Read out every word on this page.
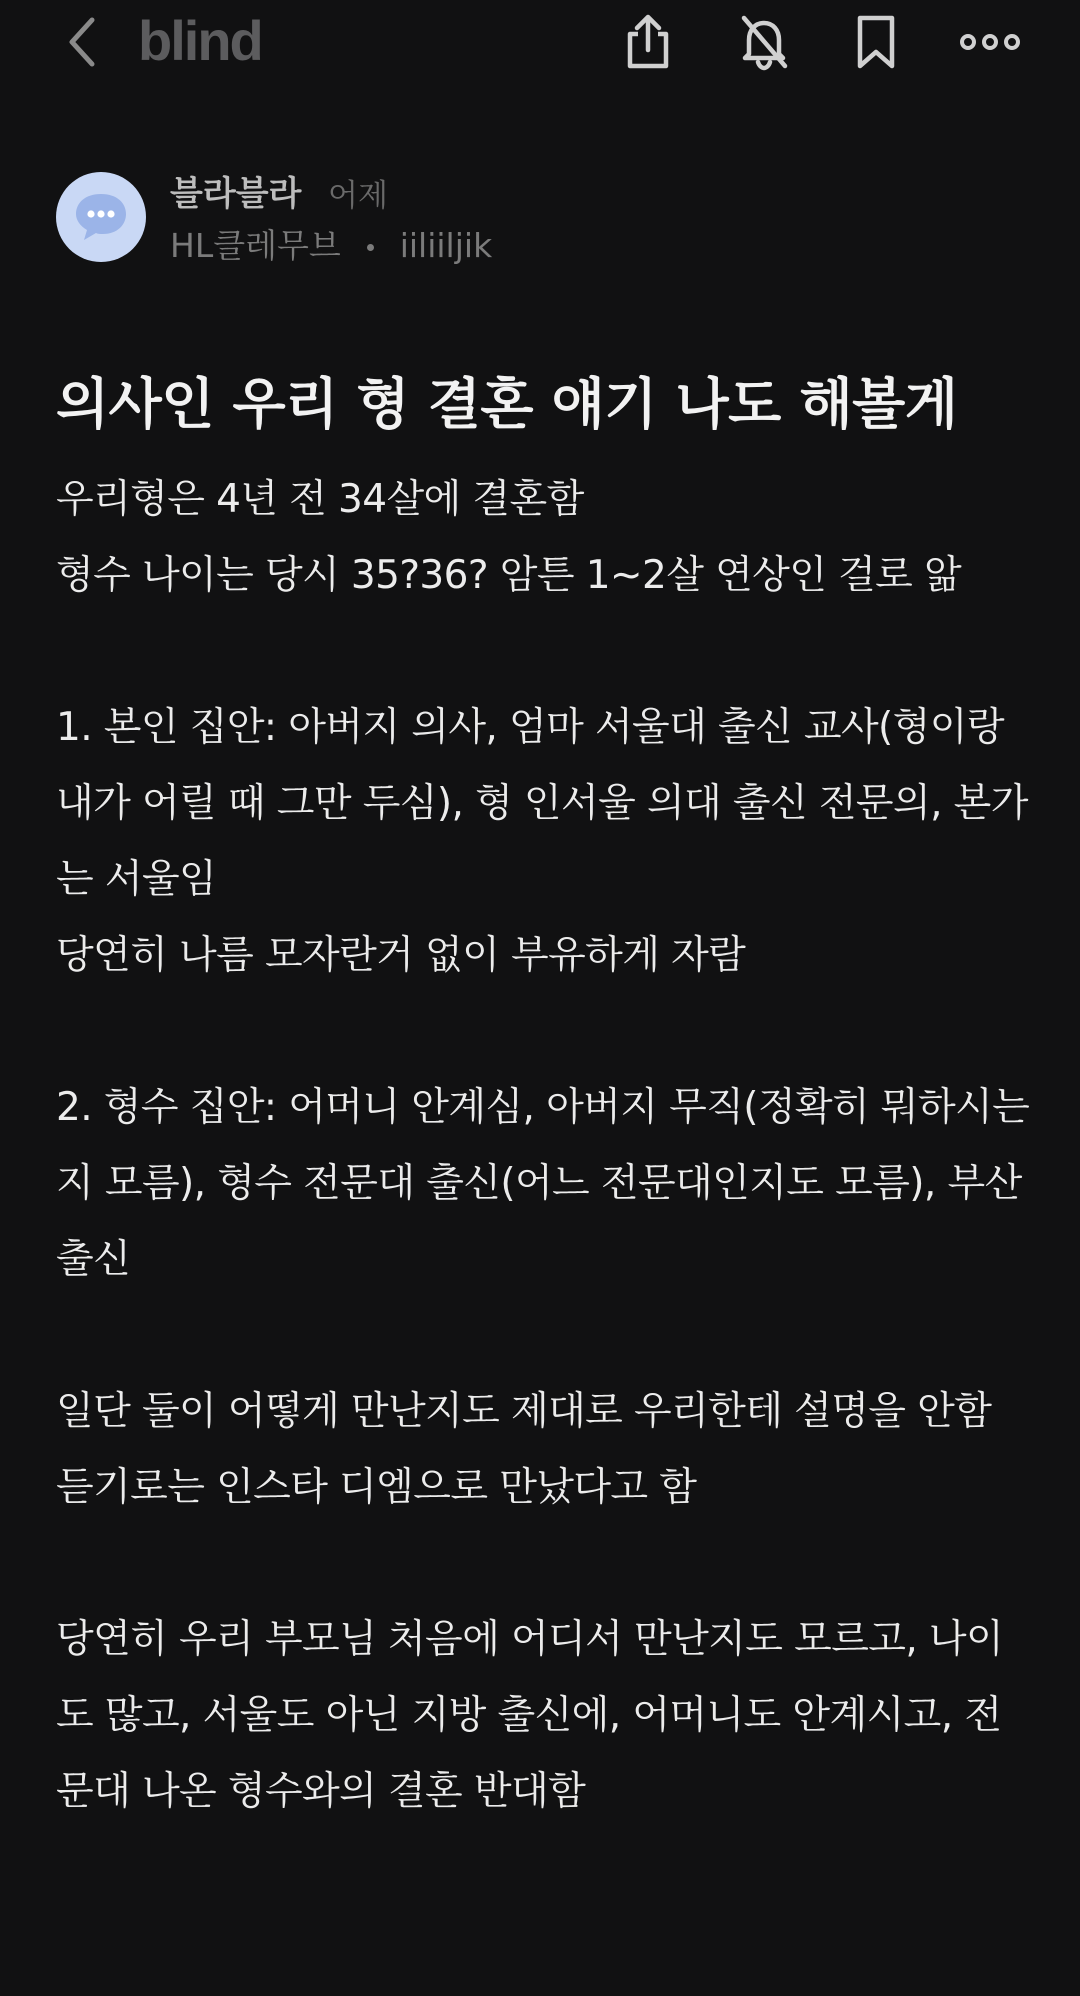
blind
블라블라 어제
HL클레무브 iiliiljik
의사인 우리 형 결혼 얘기 나도 해볼게
우리형은 4년 전 34살에 결혼함
형수 나이는 당시 35?36? 암튼 1~2살 연상인 걸로 앎
1. 본인 집안: 아버지 의사, 엄마 서울대 출신 교사(형이랑 내가 어릴 때 그만 두심), 형 인서울 의대 출신 전문의, 본가는 서울임
당연히 나름 모자란거 없이 부유하게 자람
2. 형수 집안: 어머니 안계심, 아버지 무직(정확히 뭐하시는 지 모름), 형수 전문대 출신(어느 전문대인지도 모름), 부산 출신
일단 둘이 어떻게 만난지도 제대로 우리한테 설명을 안함
듣기로는 인스타 디엠으로 만났다고 함
당연히 우리 부모님 처음에 어디서 만난지도 모르고, 나이도 많고, 서울도 아닌 지방 출신에, 어머니도 안계시고, 전문대 나온 형수와의 결혼 반대함
